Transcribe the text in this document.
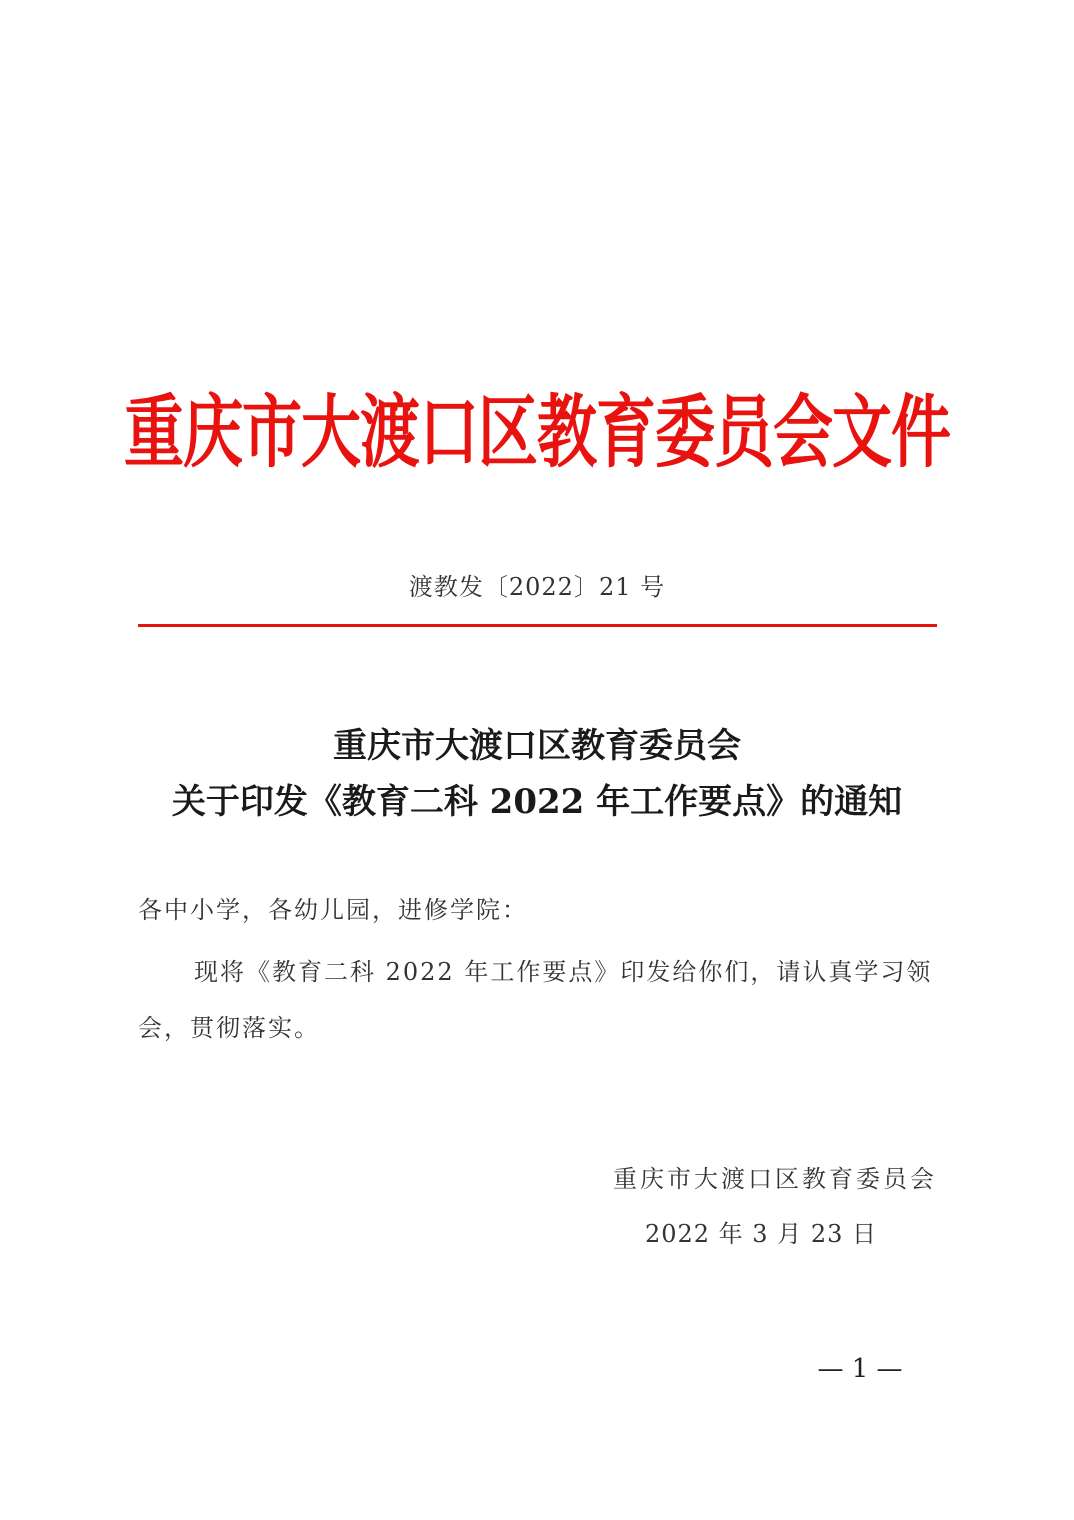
重庆市大渡口区教育委员会文件
渡教发〔2022〕21 号
重庆市大渡口区教育委员会
关于印发《教育二科 2022 年工作要点》的通知
各中小学，各幼儿园，进修学院：
现将《教育二科 2022 年工作要点》印发给你们，请认真学习领会，贯彻落实。
重庆市大渡口区教育委员会
2022 年 3 月 23 日
— 1 —
